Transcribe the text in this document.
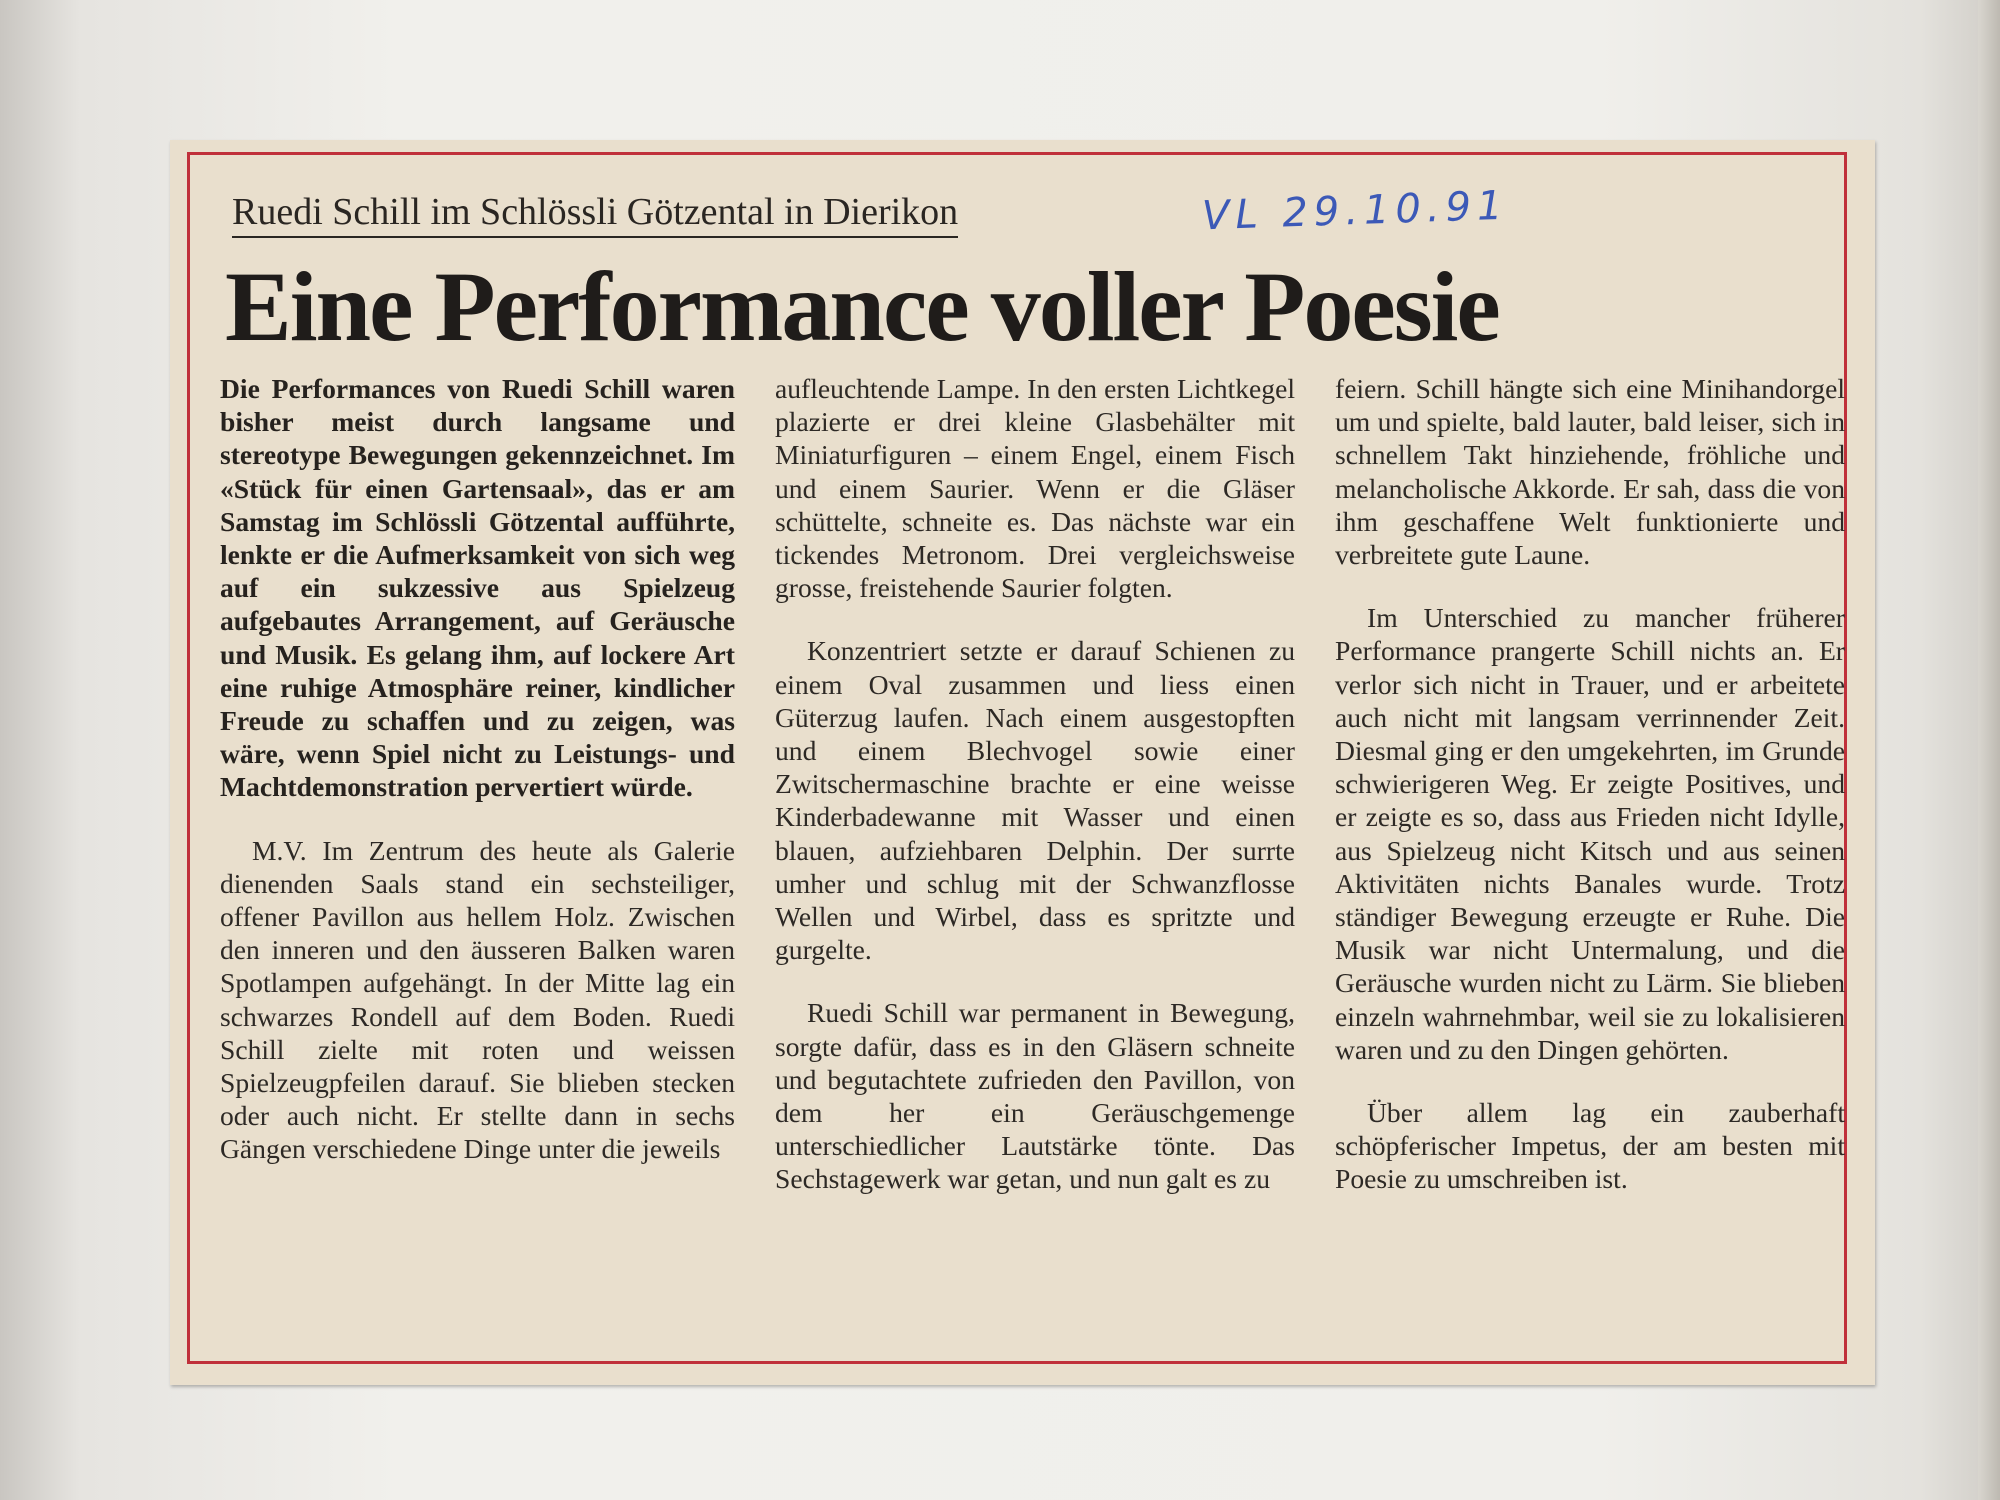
Ruedi Schill im Schlössli Götzental in Dierikon	VL 29.10.91
Eine Performance voller Poesie

Die Performances von Ruedi Schill waren bisher meist durch langsame und stereotype Bewegungen gekennzeichnet. Im «Stück für einen Gartensaal», das er am Samstag im Schlössli Götzental aufführte, lenkte er die Aufmerksamkeit von sich weg auf ein sukzessive aus Spielzeug aufgebautes Arrangement, auf Geräusche und Musik. Es gelang ihm, auf lockere Art eine ruhige Atmosphäre reiner, kindlicher Freude zu schaffen und zu zeigen, was wäre, wenn Spiel nicht zu Leistungs- und Machtdemonstration pervertiert würde.

M.V. Im Zentrum des heute als Galerie dienenden Saals stand ein sechsteiliger, offener Pavillon aus hellem Holz. Zwischen den inneren und den äusseren Balken waren Spotlampen aufgehängt. In der Mitte lag ein schwarzes Rondell auf dem Boden. Ruedi Schill zielte mit roten und weissen Spielzeugpfeilen darauf. Sie blieben stecken oder auch nicht. Er stellte dann in sechs Gängen verschiedene Dinge unter die jeweils

aufleuchtende Lampe. In den ersten Lichtkegel plazierte er drei kleine Glasbehälter mit Miniaturfiguren – einem Engel, einem Fisch und einem Saurier. Wenn er die Gläser schüttelte, schneite es. Das nächste war ein tickendes Metronom. Drei vergleichsweise grosse, freistehende Saurier folgten.

Konzentriert setzte er darauf Schienen zu einem Oval zusammen und liess einen Güterzug laufen. Nach einem ausgestopften und einem Blechvogel sowie einer Zwitschermaschine brachte er eine weisse Kinderbadewanne mit Wasser und einen blauen, aufziehbaren Delphin. Der surrte umher und schlug mit der Schwanzflosse Wellen und Wirbel, dass es spritzte und gurgelte.

Ruedi Schill war permanent in Bewegung, sorgte dafür, dass es in den Gläsern schneite und begutachtete zufrieden den Pavillon, von dem her ein Geräuschgemenge unterschiedlicher Lautstärke tönte. Das Sechstagewerk war getan, und nun galt es zu

feiern. Schill hängte sich eine Minihandorgel um und spielte, bald lauter, bald leiser, sich in schnellem Takt hinziehende, fröhliche und melancholische Akkorde. Er sah, dass die von ihm geschaffene Welt funktionierte und verbreitete gute Laune.

Im Unterschied zu mancher früherer Performance prangerte Schill nichts an. Er verlor sich nicht in Trauer, und er arbeitete auch nicht mit langsam verrinnender Zeit. Diesmal ging er den umgekehrten, im Grunde schwierigeren Weg. Er zeigte Positives, und er zeigte es so, dass aus Frieden nicht Idylle, aus Spielzeug nicht Kitsch und aus seinen Aktivitäten nichts Banales wurde. Trotz ständiger Bewegung erzeugte er Ruhe. Die Musik war nicht Untermalung, und die Geräusche wurden nicht zu Lärm. Sie blieben einzeln wahrnehmbar, weil sie zu lokalisieren waren und zu den Dingen gehörten.

Über allem lag ein zauberhaft schöpferischer Impetus, der am besten mit Poesie zu umschreiben ist.
